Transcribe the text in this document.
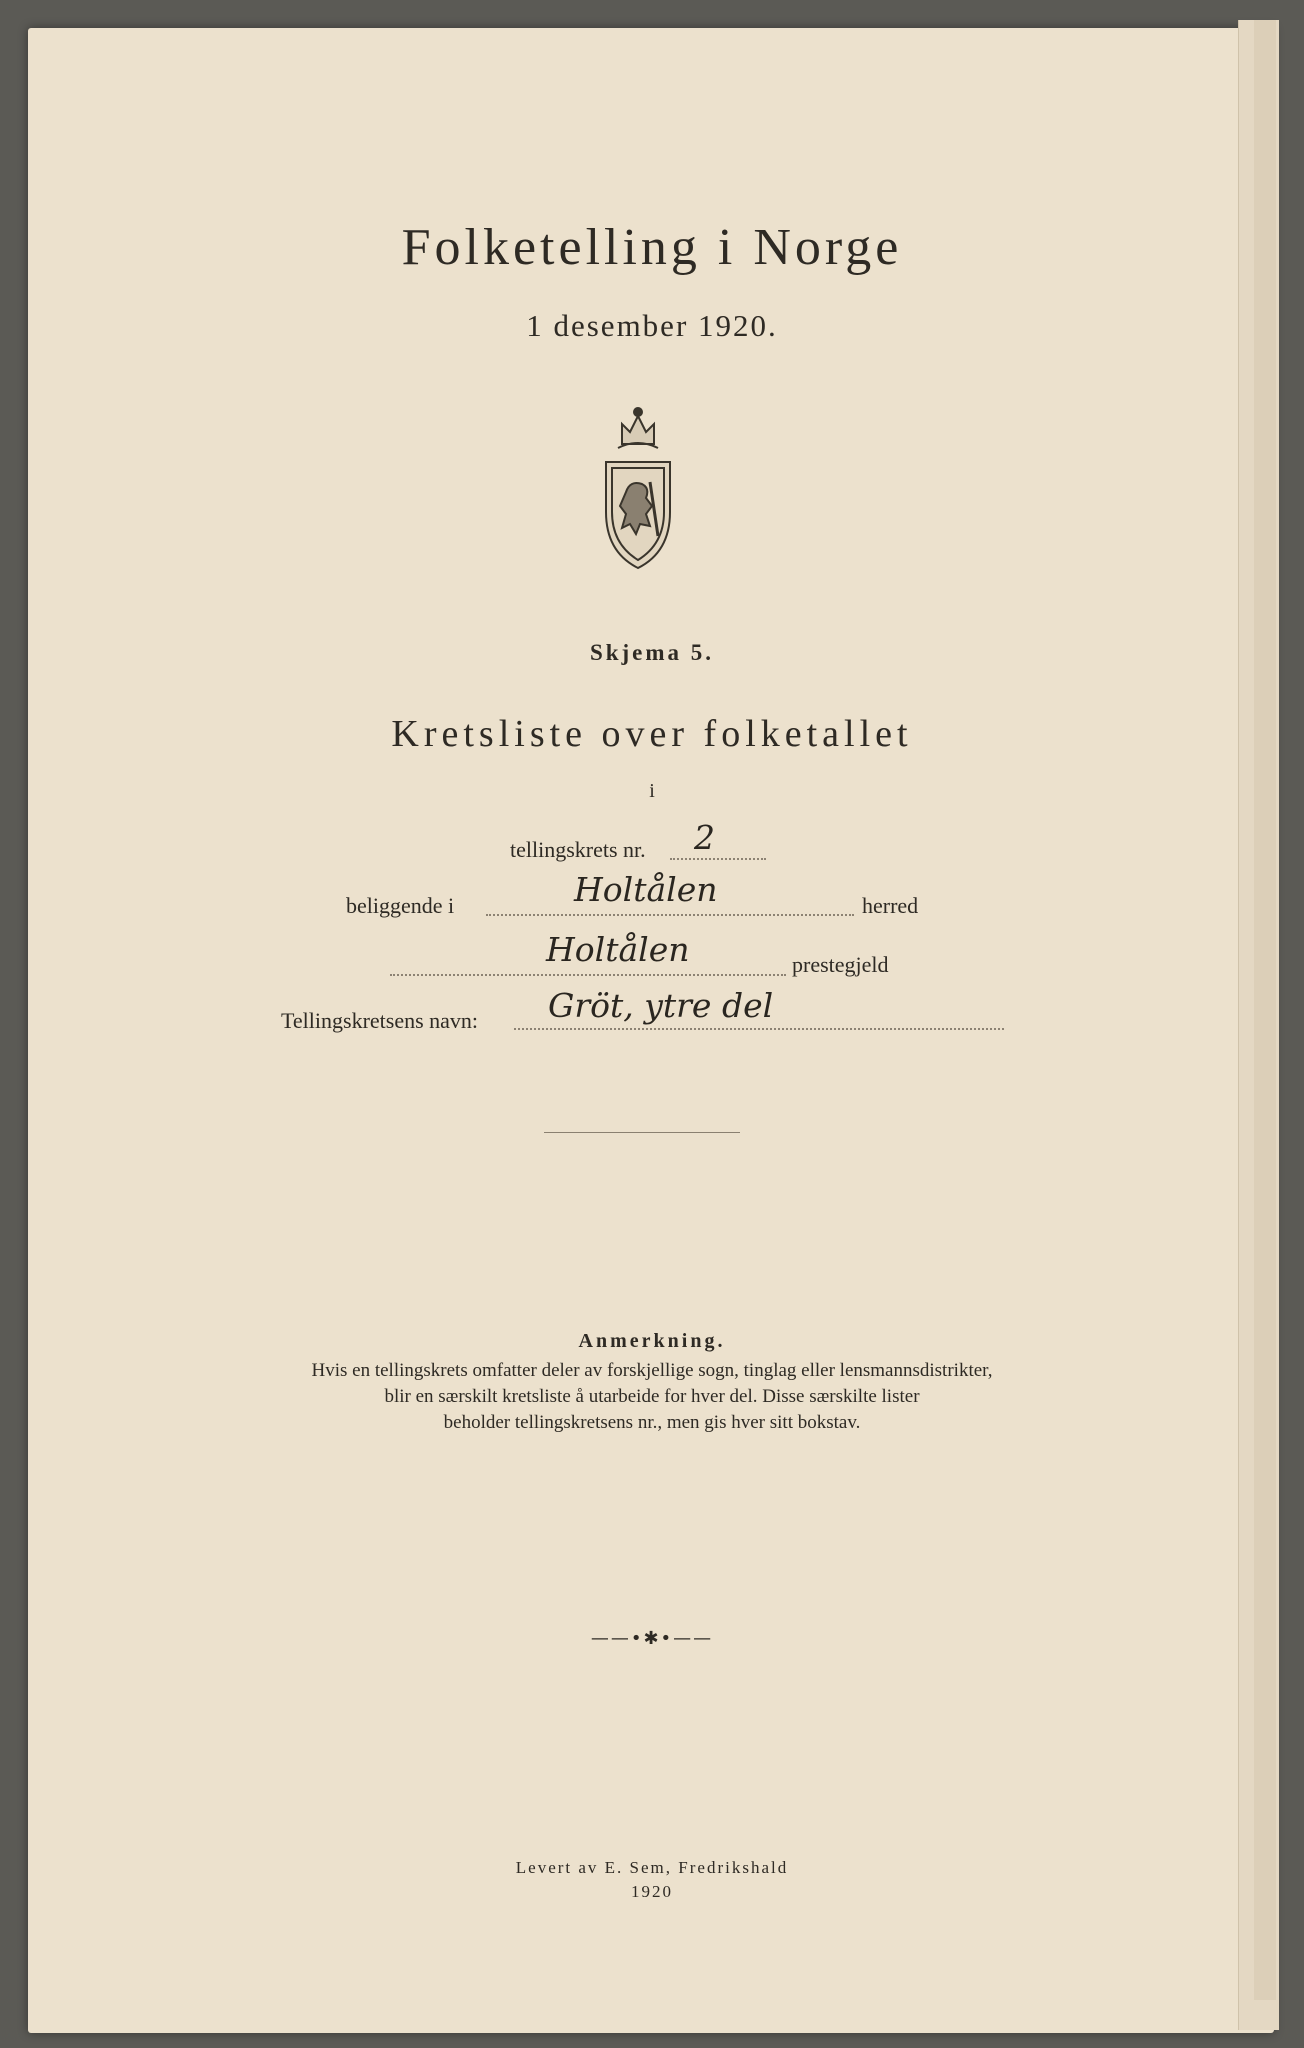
Folketelling i Norge
1 desember 1920.
Skjema 5.
Kretsliste over folketallet
i
tellingskrets nr. 2
beliggende i	Holtålen	herred
Holtålen	prestegjeld
Tellingskretsens navn: Gröt, ytre del
Anmerkning.
Hvis en tellingskrets omfatter deler av forskjellige sogn, tinglag eller lensmannsdistrikter,
blir en særskilt kretsliste å utarbeide for hver del. Disse særskilte lister
beholder tellingskretsens nr., men gis hver sitt bokstav.
——•✱•——
Levert av E. Sem, Fredrikshald
1920
